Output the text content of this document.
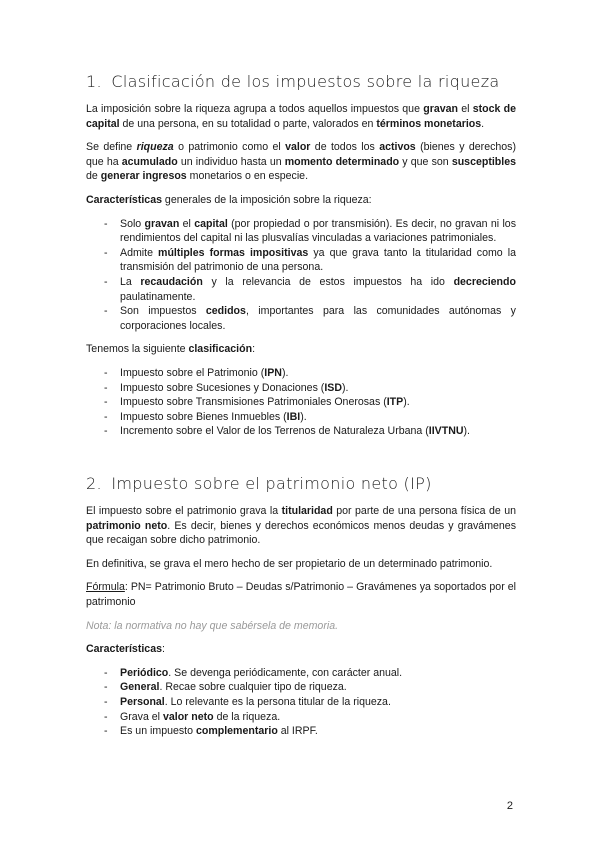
1. Clasificación de los impuestos sobre la riqueza

La imposición sobre la riqueza agrupa a todos aquellos impuestos que gravan el stock de capital de una persona, en su totalidad o parte, valorados en términos monetarios.

Se define riqueza o patrimonio como el valor de todos los activos (bienes y derechos) que ha acumulado un individuo hasta un momento determinado y que son susceptibles de generar ingresos monetarios o en especie.

Características generales de la imposición sobre la riqueza:

- Solo gravan el capital (por propiedad o por transmisión). Es decir, no gravan ni los rendimientos del capital ni las plusvalías vinculadas a variaciones patrimoniales.
- Admite múltiples formas impositivas ya que grava tanto la titularidad como la transmisión del patrimonio de una persona.
- La recaudación y la relevancia de estos impuestos ha ido decreciendo paulatinamente.
- Son impuestos cedidos, importantes para las comunidades autónomas y corporaciones locales.

Tenemos la siguiente clasificación:

- Impuesto sobre el Patrimonio (IPN).
- Impuesto sobre Sucesiones y Donaciones (ISD).
- Impuesto sobre Transmisiones Patrimoniales Onerosas (ITP).
- Impuesto sobre Bienes Inmuebles (IBI).
- Incremento sobre el Valor de los Terrenos de Naturaleza Urbana (IIVTNU).
2. Impuesto sobre el patrimonio neto (IP)

El impuesto sobre el patrimonio grava la titularidad por parte de una persona física de un patrimonio neto. Es decir, bienes y derechos económicos menos deudas y gravámenes que recaigan sobre dicho patrimonio.

En definitiva, se grava el mero hecho de ser propietario de un determinado patrimonio.

Fórmula: PN= Patrimonio Bruto – Deudas s/Patrimonio – Gravámenes ya soportados por el patrimonio

Nota: la normativa no hay que sabérsela de memoria.

Características:

- Periódico. Se devenga periódicamente, con carácter anual.
- General. Recae sobre cualquier tipo de riqueza.
- Personal. Lo relevante es la persona titular de la riqueza.
- Grava el valor neto de la riqueza.
- Es un impuesto complementario al IRPF.
2
